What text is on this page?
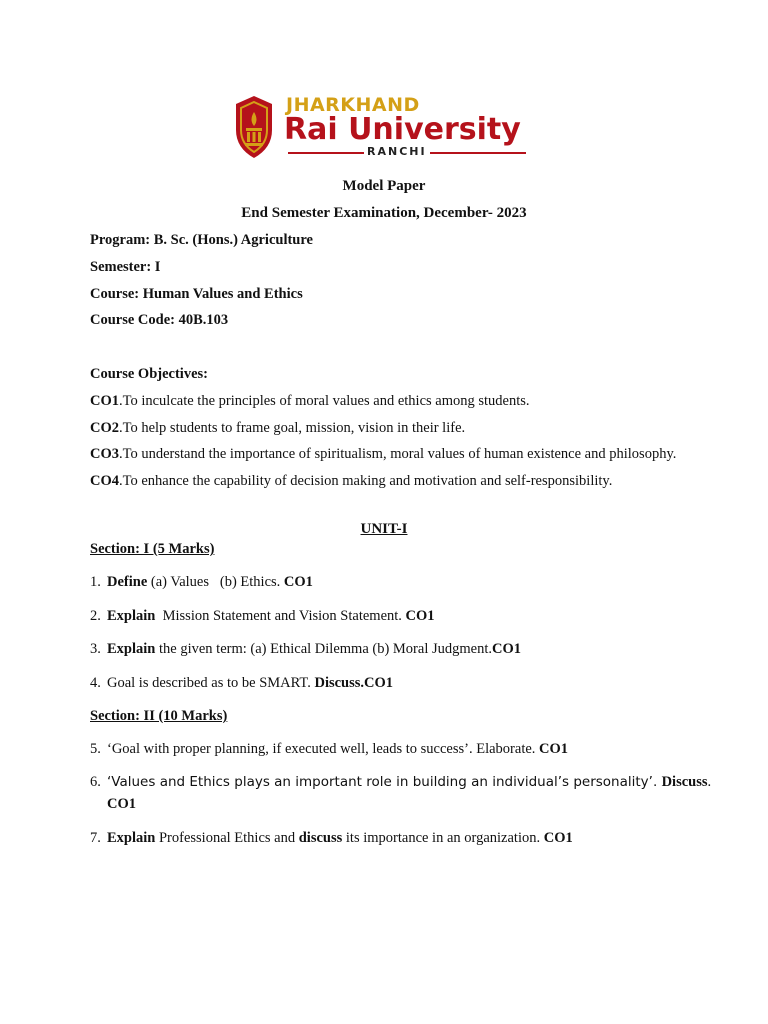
JHARKHAND
Rai University
RANCHI
Model Paper
End Semester Examination, December- 2023
Program: B. Sc. (Hons.) Agriculture
Semester: I
Course: Human Values and Ethics
Course Code: 40B.103
Course Objectives:
CO1.To inculcate the principles of moral values and ethics among students.
CO2.To help students to frame goal, mission, vision in their life.
CO3.To understand the importance of spiritualism, moral values of human existence and philosophy.
CO4.To enhance the capability of decision making and motivation and self-responsibility.
UNIT-I
Section: I (5 Marks)
1. Define (a) Values   (b) Ethics. CO1
2. Explain  Mission Statement and Vision Statement. CO1
3. Explain the given term: (a) Ethical Dilemma (b) Moral Judgment.CO1
4. Goal is described as to be SMART. Discuss.CO1
Section: II (10 Marks)
5. ‘Goal with proper planning, if executed well, leads to success’. Elaborate. CO1
6. ‘Values and Ethics plays an important role in building an individual’s personality’. Discuss.
CO1
7. Explain Professional Ethics and discuss its importance in an organization. CO1
